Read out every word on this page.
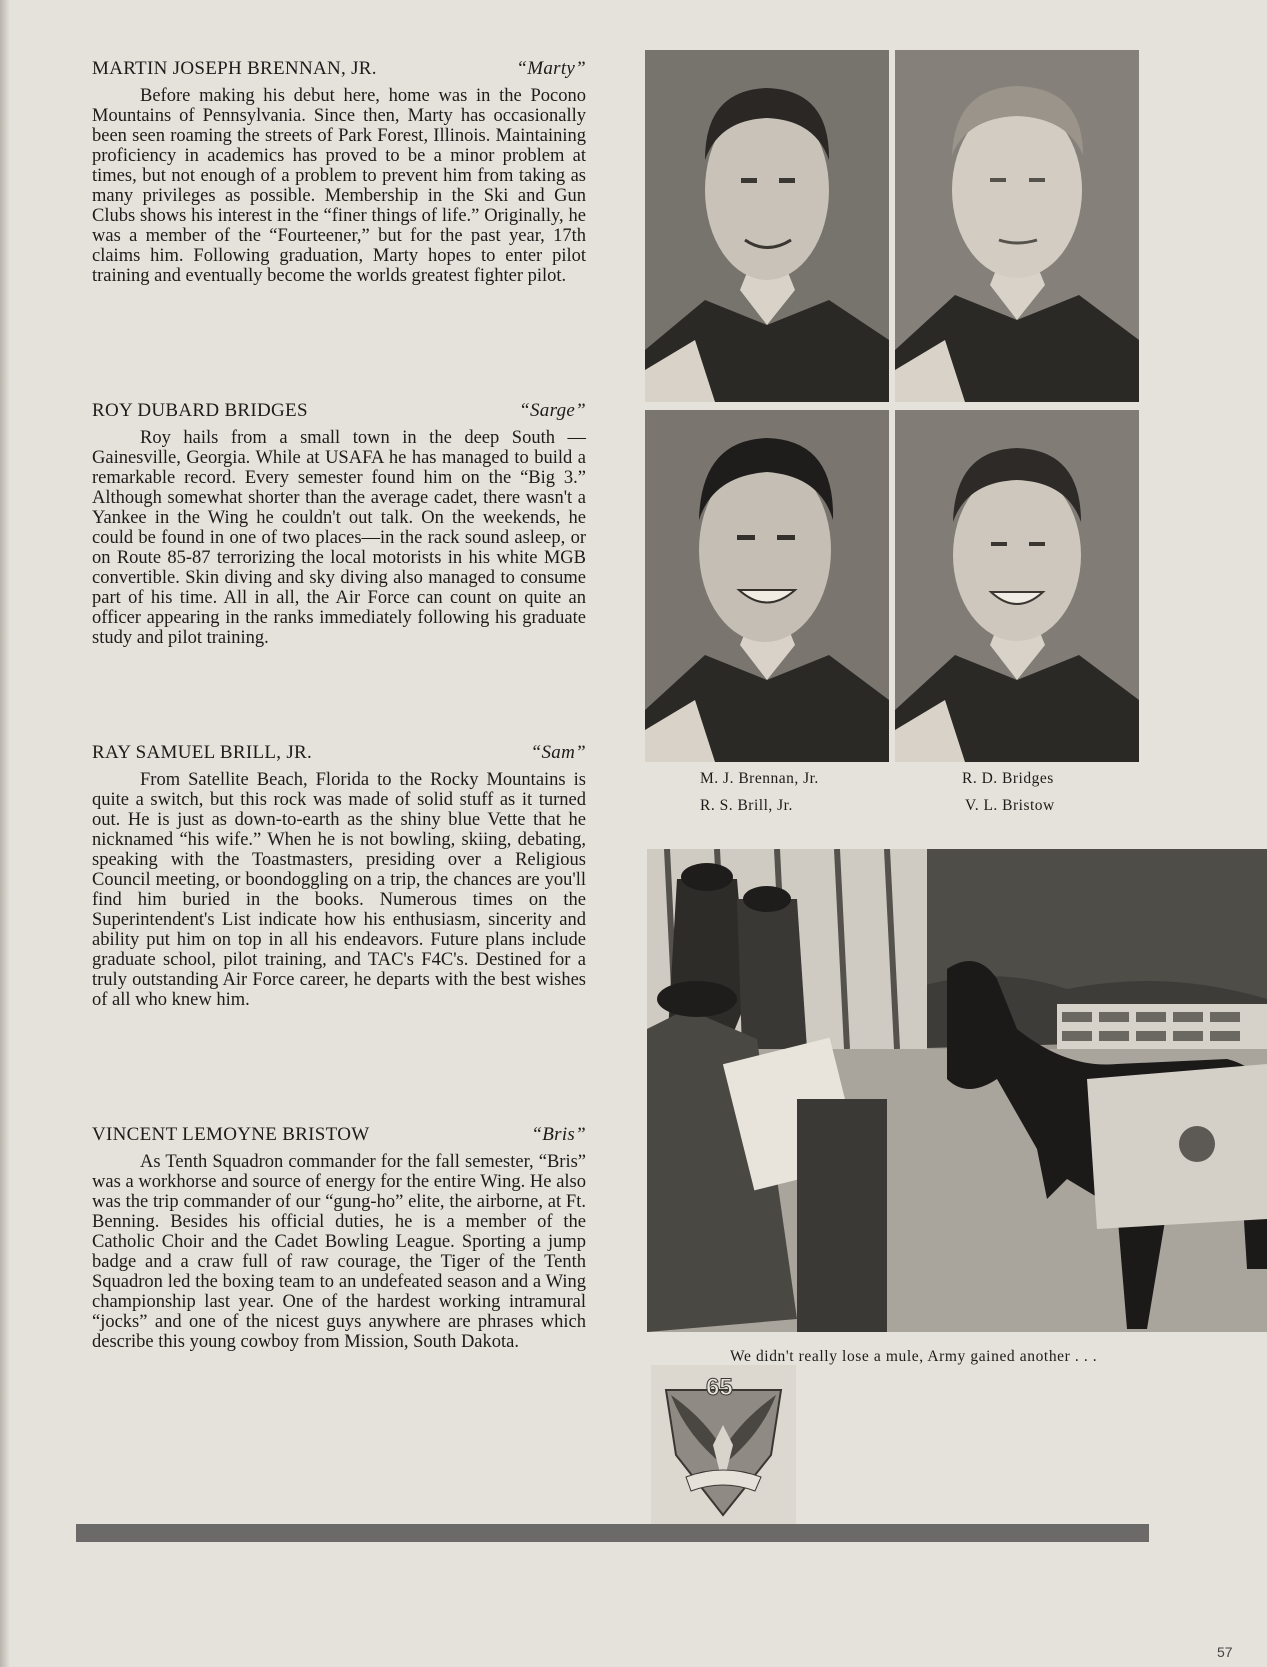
MARTIN JOSEPH BRENNAN, JR.	“Marty”

Before making his debut here, home was in the Pocono Mountains of Pennsylvania. Since then, Marty has occasionally been seen roaming the streets of Park Forest, Illinois. Maintaining proficiency in academics has proved to be a minor problem at times, but not enough of a problem to prevent him from taking as many privileges as possible. Membership in the Ski and Gun Clubs shows his interest in the “finer things of life.” Originally, he was a member of the “Fourteener,” but for the past year, 17th claims him. Following graduation, Marty hopes to enter pilot training and eventually become the worlds greatest fighter pilot.

ROY DUBARD BRIDGES	“Sarge”

Roy hails from a small town in the deep South — Gainesville, Georgia. While at USAFA he has managed to build a remarkable record. Every semester found him on the “Big 3.” Although somewhat shorter than the average cadet, there wasn't a Yankee in the Wing he couldn't out talk. On the weekends, he could be found in one of two places—in the rack sound asleep, or on Route 85-87 terrorizing the local motorists in his white MGB convertible. Skin diving and sky diving also managed to consume part of his time. All in all, the Air Force can count on quite an officer appearing in the ranks immediately following his graduate study and pilot training.

RAY SAMUEL BRILL, JR.	“Sam”

From Satellite Beach, Florida to the Rocky Mountains is quite a switch, but this rock was made of solid stuff as it turned out. He is just as down-to-earth as the shiny blue Vette that he nicknamed “his wife.” When he is not bowling, skiing, debating, speaking with the Toastmasters, presiding over a Religious Council meeting, or boondoggling on a trip, the chances are you'll find him buried in the books. Numerous times on the Superintendent's List indicate how his enthusiasm, sincerity and ability put him on top in all his endeavors. Future plans include graduate school, pilot training, and TAC's F4C's. Destined for a truly outstanding Air Force career, he departs with the best wishes of all who knew him.

VINCENT LEMOYNE BRISTOW	“Bris”

As Tenth Squadron commander for the fall semester, “Bris” was a workhorse and source of energy for the entire Wing. He also was the trip commander of our “gung-ho” elite, the airborne, at Ft. Benning. Besides his official duties, he is a member of the Catholic Choir and the Cadet Bowling League. Sporting a jump badge and a craw full of raw courage, the Tiger of the Tenth Squadron led the boxing team to an undefeated season and a Wing championship last year. One of the hardest working intramural “jocks” and one of the nicest guys anywhere are phrases which describe this young cowboy from Mission, South Dakota.

M. J. Brennan, Jr.	R. D. Bridges
R. S. Brill, Jr.	V. L. Bristow
We didn't really lose a mule, Army gained another . . .
65
57
